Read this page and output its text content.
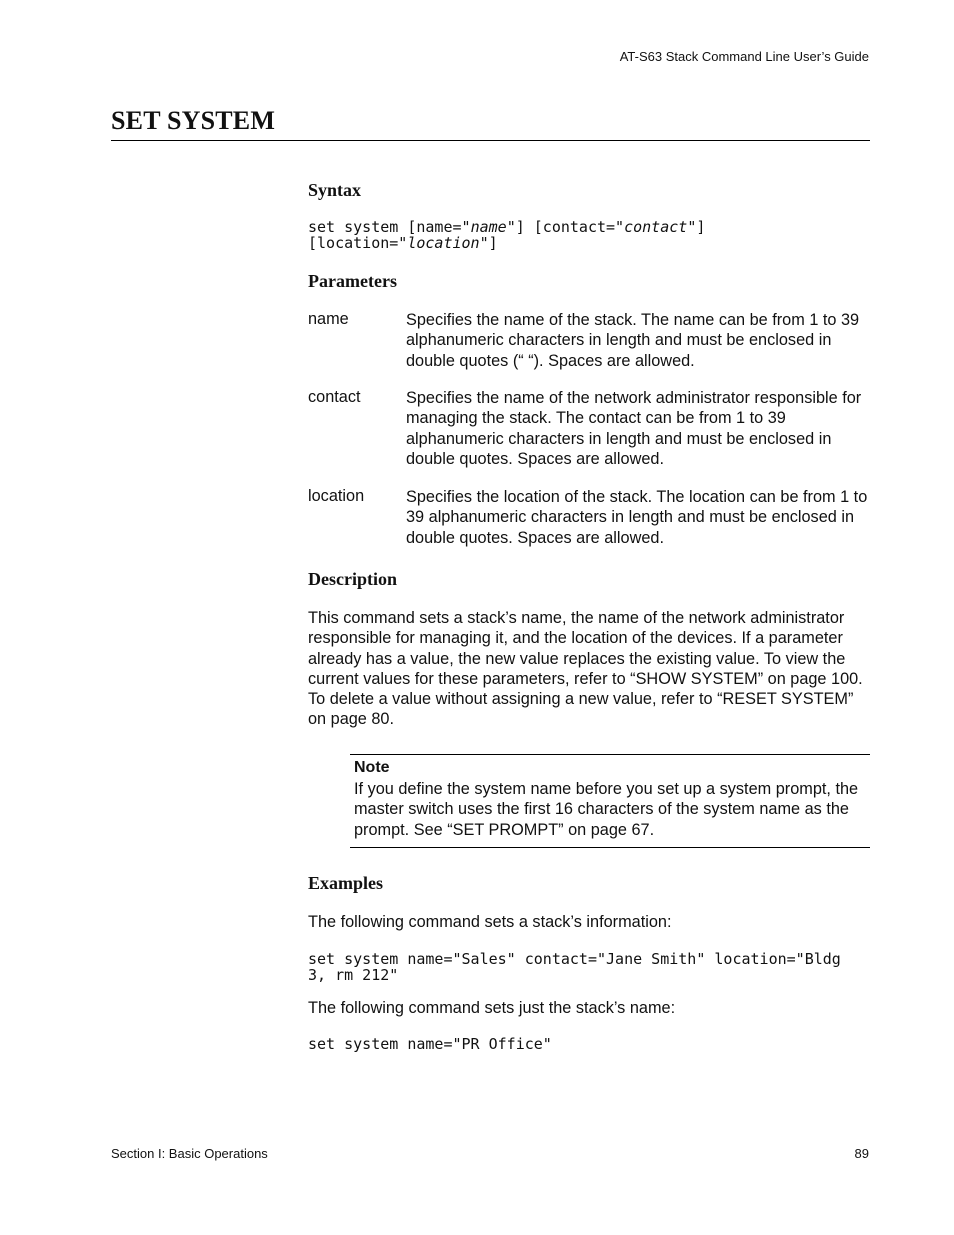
AT-S63 Stack Command Line User’s Guide
SET SYSTEM
Syntax
set system [name="name"] [contact="contact"]
[location="location"]
Parameters
name	Specifies the name of the stack. The name can be from 1 to 39 alphanumeric characters in length and must be enclosed in double quotes (“ “). Spaces are allowed.
contact	Specifies the name of the network administrator responsible for managing the stack. The contact can be from 1 to 39 alphanumeric characters in length and must be enclosed in double quotes. Spaces are allowed.
location	Specifies the location of the stack. The location can be from 1 to 39 alphanumeric characters in length and must be enclosed in double quotes. Spaces are allowed.
Description

This command sets a stack’s name, the name of the network administrator responsible for managing it, and the location of the devices. If a parameter already has a value, the new value replaces the existing value. To view the current values for these parameters, refer to “SHOW SYSTEM” on page 100. To delete a value without assigning a new value, refer to “RESET SYSTEM” on page 80.

Note
If you define the system name before you set up a system prompt, the master switch uses the first 16 characters of the system name as the prompt. See “SET PROMPT” on page 67.
Examples

The following command sets a stack’s information:

set system name="Sales" contact="Jane Smith" location="Bldg
3, rm 212"

The following command sets just the stack’s name:

set system name="PR Office"
Section I: Basic Operations	89
